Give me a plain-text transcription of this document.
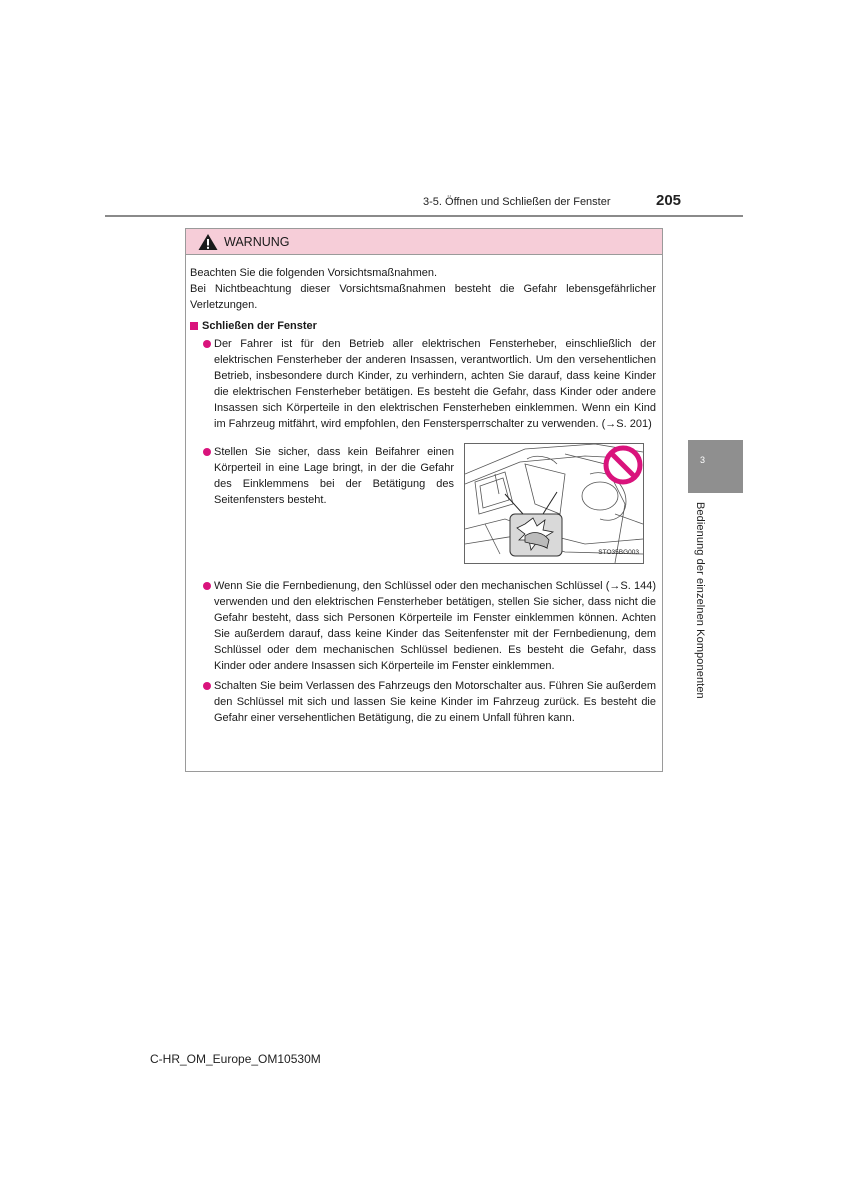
3-5. Öffnen und Schließen der Fenster	205
3
Bedienung der einzelnen Komponenten
WARNUNG

Beachten Sie die folgenden Vorsichtsmaßnahmen.

Bei Nichtbeachtung dieser Vorsichtsmaßnahmen besteht die Gefahr lebensgefährlicher Verletzungen.

Schließen der Fenster
Der Fahrer ist für den Betrieb aller elektrischen Fensterheber, einschließlich der elektrischen Fensterheber der anderen Insassen, verantwortlich. Um den versehentlichen Betrieb, insbesondere durch Kinder, zu verhindern, achten Sie darauf, dass keine Kinder die elektrischen Fensterheber betätigen. Es besteht die Gefahr, dass Kinder oder andere Insassen sich Körperteile in den elektrischen Fensterheben einklemmen. Wenn ein Kind im Fahrzeug mitfährt, wird empfohlen, den Fenstersperrschalter zu verwenden. (→S. 201)
Stellen Sie sicher, dass kein Beifahrer einen Körperteil in eine Lage bringt, in der die Gefahr des Einklemmens bei der Betätigung des Seitenfensters besteht.
STO35BG003
Wenn Sie die Fernbedienung, den Schlüssel oder den mechanischen Schlüssel (→S. 144) verwenden und den elektrischen Fensterheber betätigen, stellen Sie sicher, dass nicht die Gefahr besteht, dass sich Personen Körperteile im Fenster einklemmen können. Achten Sie außerdem darauf, dass keine Kinder das Seitenfenster mit der Fernbedienung, dem Schlüssel oder dem mechanischen Schlüssel bedienen. Es besteht die Gefahr, dass Kinder oder andere Insassen sich Körperteile im Fenster einklemmen.
Schalten Sie beim Verlassen des Fahrzeugs den Motorschalter aus. Führen Sie außerdem den Schlüssel mit sich und lassen Sie keine Kinder im Fahrzeug zurück. Es besteht die Gefahr einer versehentlichen Betätigung, die zu einem Unfall führen kann.
C-HR_OM_Europe_OM10530M
